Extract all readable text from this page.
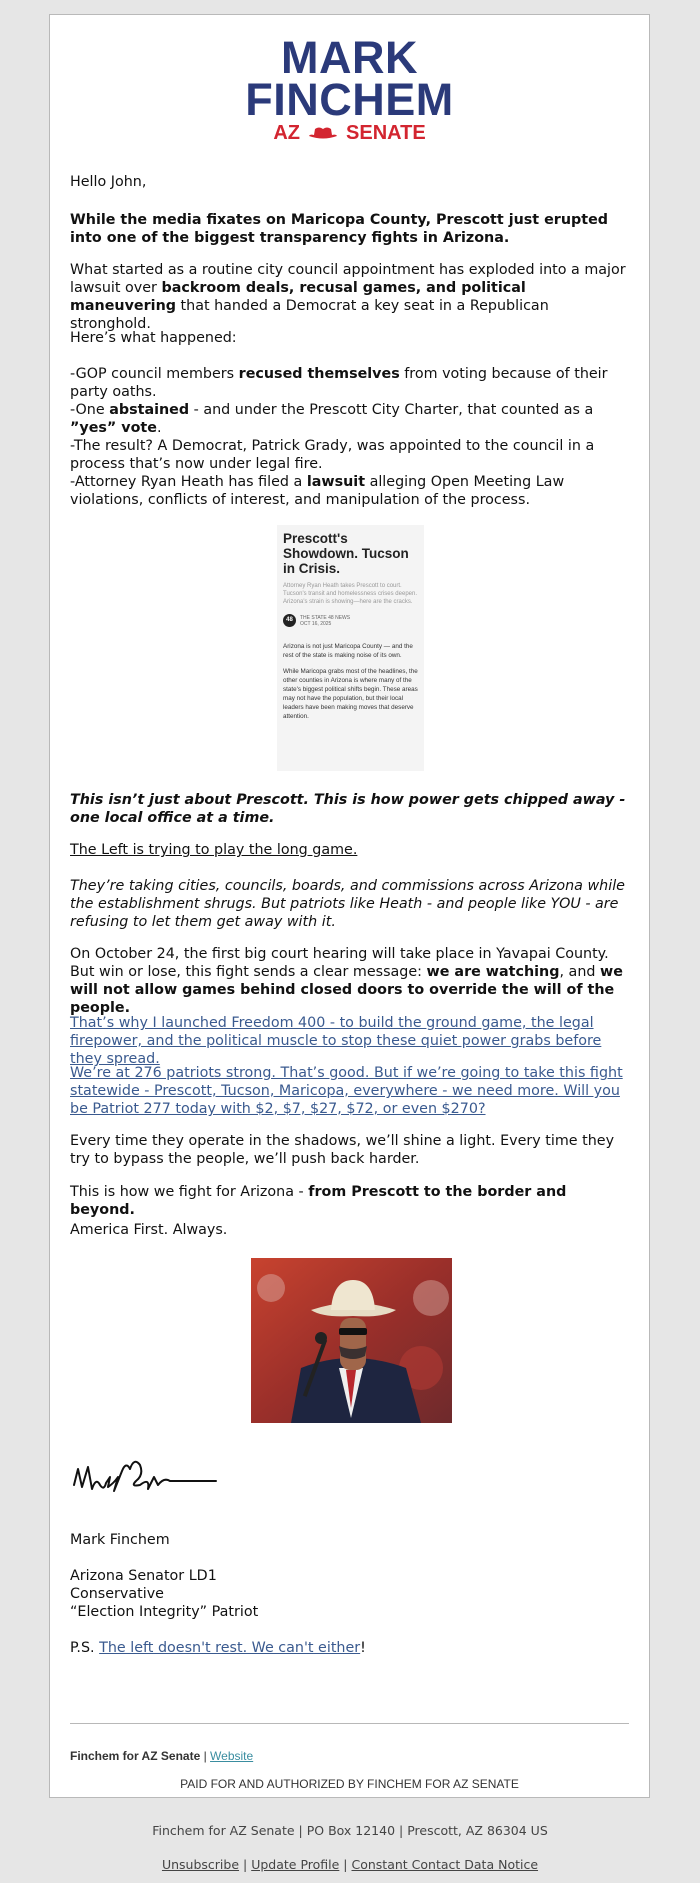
MARK
FINCHEM
AZ SENATE

Hello John,

While the media fixates on Maricopa County, Prescott just erupted into one of the biggest transparency fights in Arizona.

What started as a routine city council appointment has exploded into a major lawsuit over backroom deals, recusal games, and political maneuvering that handed a Democrat a key seat in a Republican stronghold.

Here’s what happened:

-GOP council members recused themselves from voting because of their party oaths.

-One abstained - and under the Prescott City Charter, that counted as a ”yes” vote.

-The result? A Democrat, Patrick Grady, was appointed to the council in a process that’s now under legal fire.

-Attorney Ryan Heath has filed a lawsuit alleging Open Meeting Law violations, conflicts of interest, and manipulation of the process.

Prescott's Showdown. Tucson in Crisis.
Attorney Ryan Heath takes Prescott to court. Tucson's transit and homelessness crises deepen. Arizona's strain is showing—here are the cracks.
48	THE STATE 48 NEWS
OCT 16, 2025

Arizona is not just Maricopa County — and the rest of the state is making noise of its own.

While Maricopa grabs most of the headlines, the other counties in Arizona is where many of the state's biggest political shifts begin. These areas may not have the population, but their local leaders have been making moves that deserve attention.

This isn’t just about Prescott. This is how power gets chipped away - one local office at a time.

The Left is trying to play the long game.

They’re taking cities, councils, boards, and commissions across Arizona while the establishment shrugs. But patriots like Heath - and people like YOU - are refusing to let them get away with it.

On October 24, the first big court hearing will take place in Yavapai County. But win or lose, this fight sends a clear message: we are watching, and we will not allow games behind closed doors to override the will of the people.

That’s why I launched Freedom 400 - to build the ground game, the legal firepower, and the political muscle to stop these quiet power grabs before they spread.

We’re at 276 patriots strong. That’s good. But if we’re going to take this fight statewide - Prescott, Tucson, Maricopa, everywhere - we need more. Will you be Patriot 277 today with $2, $7, $27, $72, or even $270?

Every time they operate in the shadows, we’ll shine a light. Every time they try to bypass the people, we’ll push back harder.

This is how we fight for Arizona - from Prescott to the border and beyond.

America First. Always.

Mark Finchem

Arizona Senator LD1

Conservative

“Election Integrity” Patriot

P.S. The left doesn't rest. We can't either!

Finchem for AZ Senate | Website
PAID FOR AND AUTHORIZED BY FINCHEM FOR AZ SENATE
Finchem for AZ Senate | PO Box 12140 | Prescott, AZ 86304 US
Unsubscribe | Update Profile | Constant Contact Data Notice
